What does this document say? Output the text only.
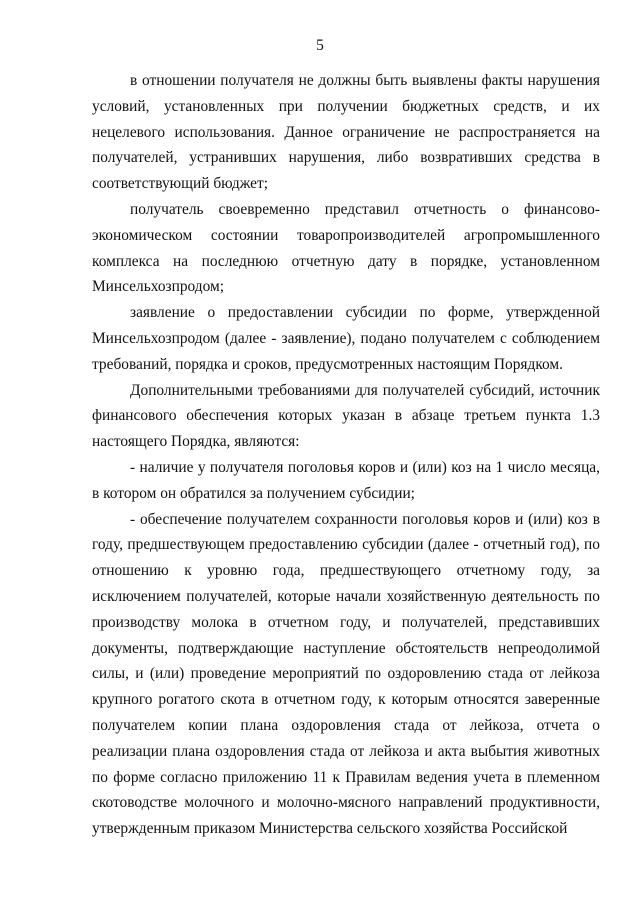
5

в отношении получателя не должны быть выявлены факты нарушения условий, установленных при получении бюджетных средств, и их нецелевого использования. Данное ограничение не распространяется на получателей, устранивших нарушения, либо возвративших средства в соответствующий бюджет;

получатель своевременно представил отчетность о финансово-экономическом состоянии товаропроизводителей агропромышленного комплекса на последнюю отчетную дату в порядке, установленном Минсельхозпродом;

заявление о предоставлении субсидии по форме, утвержденной Минсельхозпродом (далее - заявление), подано получателем с соблюдением требований, порядка и сроков, предусмотренных настоящим Порядком.

Дополнительными требованиями для получателей субсидий, источник финансового обеспечения которых указан в абзаце третьем пункта 1.3 настоящего Порядка, являются:

- наличие у получателя поголовья коров и (или) коз на 1 число месяца, в котором он обратился за получением субсидии;

- обеспечение получателем сохранности поголовья коров и (или) коз в году, предшествующем предоставлению субсидии (далее - отчетный год), по отношению к уровню года, предшествующего отчетному году, за исключением получателей, которые начали хозяйственную деятельность по производству молока в отчетном году, и получателей, представивших документы, подтверждающие наступление обстоятельств непреодолимой силы, и (или) проведение мероприятий по оздоровлению стада от лейкоза крупного рогатого скота в отчетном году, к которым относятся заверенные получателем копии плана оздоровления стада от лейкоза, отчета о реализации плана оздоровления стада от лейкоза и акта выбытия животных по форме согласно приложению 11 к Правилам ведения учета в племенном скотоводстве молочного и молочно-мясного направлений продуктивности, утвержденным приказом Министерства сельского хозяйства Российской
